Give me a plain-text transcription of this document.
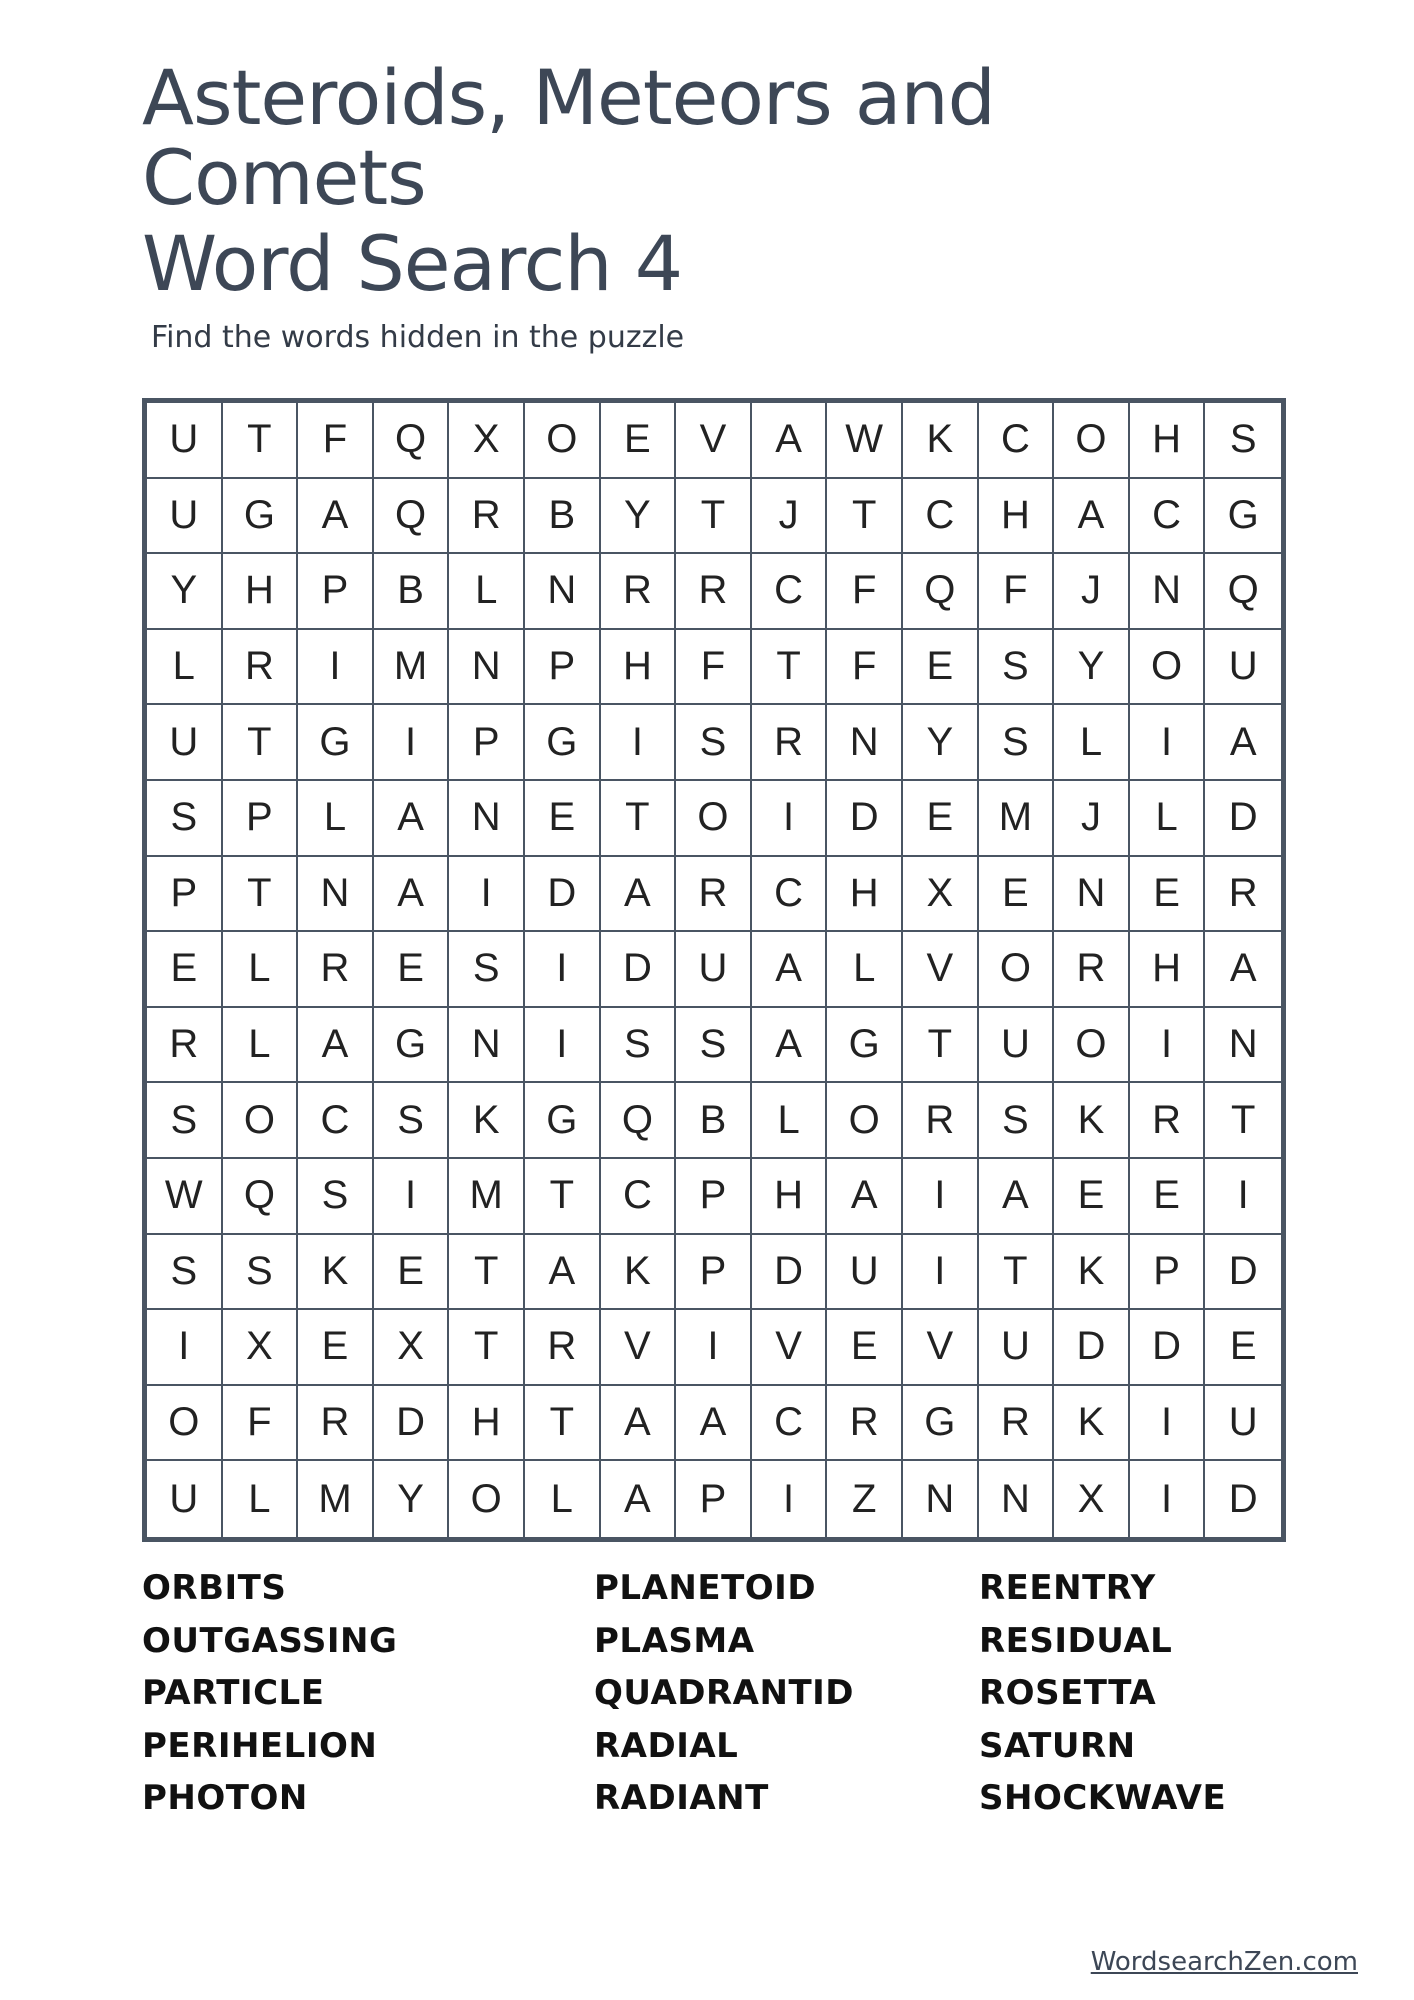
Asteroids, Meteors and
Comets
Word Search 4

Find the words hidden in the puzzle

U	T	F	Q	X	O	E	V	A	W	K	C	O	H	S
U	G	A	Q	R	B	Y	T	J	T	C	H	A	C	G
Y	H	P	B	L	N	R	R	C	F	Q	F	J	N	Q
L	R	I	M	N	P	H	F	T	F	E	S	Y	O	U
U	T	G	I	P	G	I	S	R	N	Y	S	L	I	A
S	P	L	A	N	E	T	O	I	D	E	M	J	L	D
P	T	N	A	I	D	A	R	C	H	X	E	N	E	R
E	L	R	E	S	I	D	U	A	L	V	O	R	H	A
R	L	A	G	N	I	S	S	A	G	T	U	O	I	N
S	O	C	S	K	G	Q	B	L	O	R	S	K	R	T
W	Q	S	I	M	T	C	P	H	A	I	A	E	E	I
S	S	K	E	T	A	K	P	D	U	I	T	K	P	D
I	X	E	X	T	R	V	I	V	E	V	U	D	D	E
O	F	R	D	H	T	A	A	C	R	G	R	K	I	U
U	L	M	Y	O	L	A	P	I	Z	N	N	X	I	D
ORBITS
OUTGASSING
PARTICLE
PERIHELION
PHOTON
PLANETOID
PLASMA
QUADRANTID
RADIAL
RADIANT
REENTRY
RESIDUAL
ROSETTA
SATURN
SHOCKWAVE
WordsearchZen.com
